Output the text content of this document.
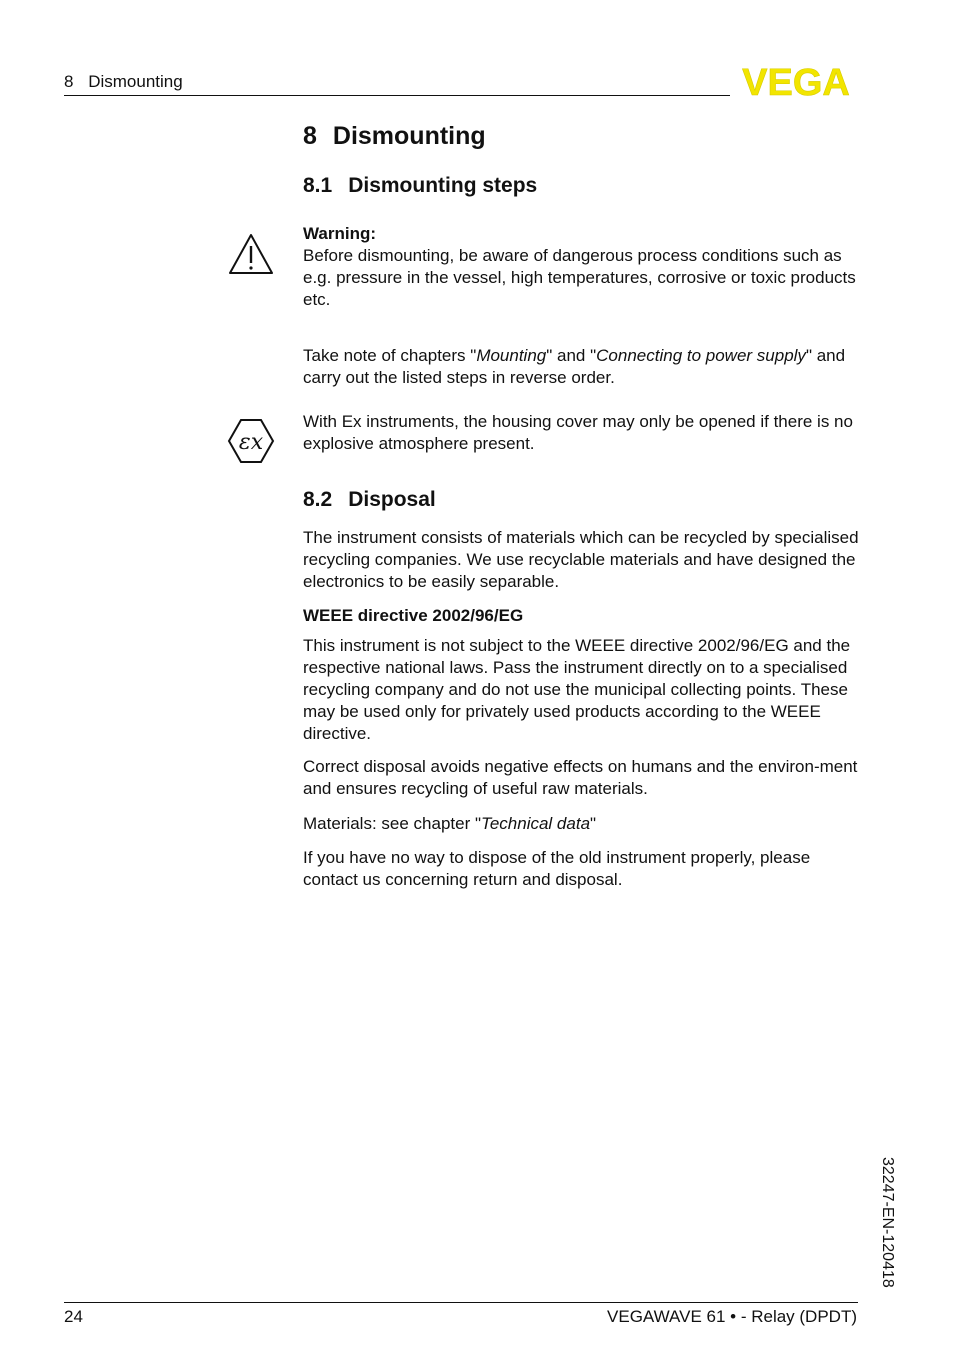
8 Dismounting	VEGA
8 Dismounting
8.1 Dismounting steps

Warning:

Before dismounting, be aware of dangerous process conditions such as e.g. pressure in the vessel, high temperatures, corrosive or toxic products etc.

Take note of chapters "Mounting" and "Connecting to power supply" and carry out the listed steps in reverse order.

εx

With Ex instruments, the housing cover may only be opened if there is no explosive atmosphere present.

8.2 Disposal

The instrument consists of materials which can be recycled by specialised recycling companies. We use recyclable materials and have designed the electronics to be easily separable.

WEEE directive 2002/96/EG

This instrument is not subject to the WEEE directive 2002/96/EG and the respective national laws. Pass the instrument directly on to a specialised recycling company and do not use the municipal collecting points. These may be used only for privately used products according to the WEEE directive.

Correct disposal avoids negative effects on humans and the environ-ment and ensures recycling of useful raw materials.

Materials: see chapter "Technical data"

If you have no way to dispose of the old instrument properly, please contact us concerning return and disposal.

32247-EN-120418
24	VEGAWAVE 61 • - Relay (DPDT)
